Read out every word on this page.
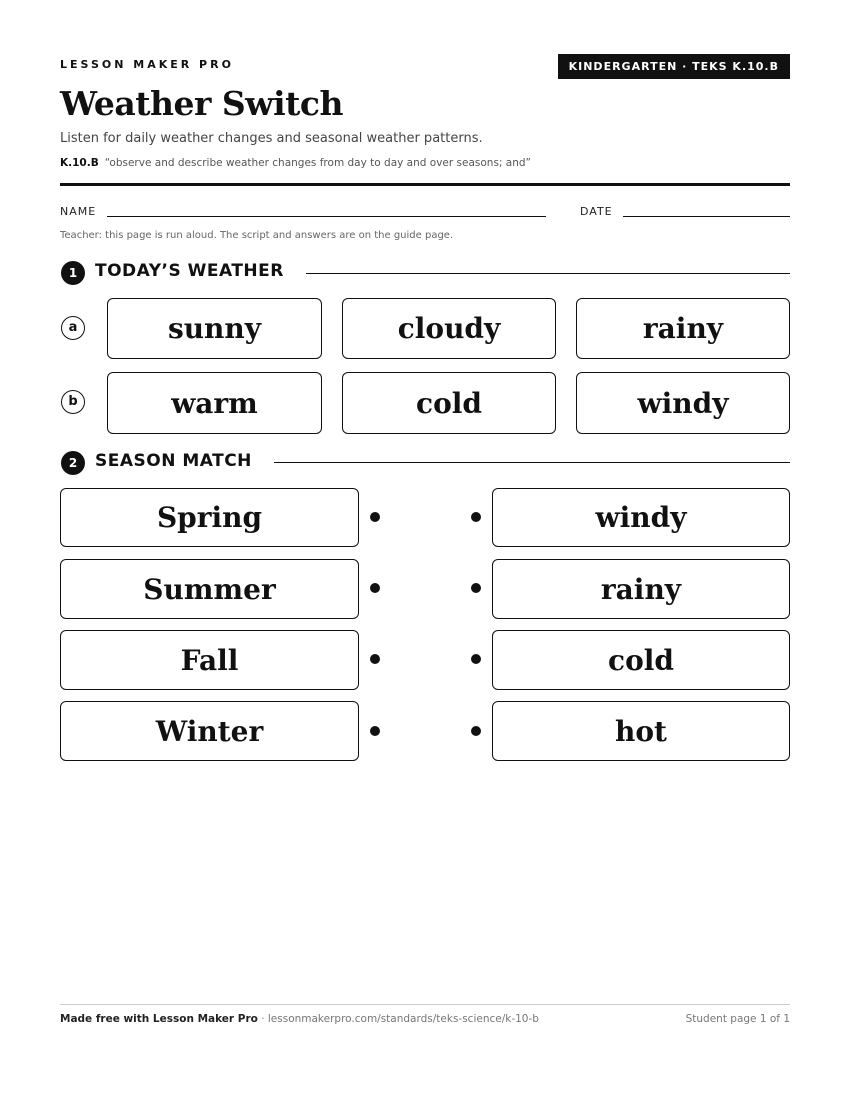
LESSON MAKER PRO	KINDERGARTEN · TEKS K.10.B
Weather Switch
Listen for daily weather changes and seasonal weather patterns.
K.10.B “observe and describe weather changes from day to day and over seasons; and”
NAME	DATE
Teacher: this page is run aloud. The script and answers are on the guide page.
1	TODAY’S WEATHER
a	sunny	cloudy	rainy
b	warm	cold	windy
2	SEASON MATCH
Spring
Summer
Fall
Winter
windy
rainy
cold
hot
Made free with Lesson Maker Pro · lessonmakerpro.com/standards/teks-science/k-10-b	Student page 1 of 1
